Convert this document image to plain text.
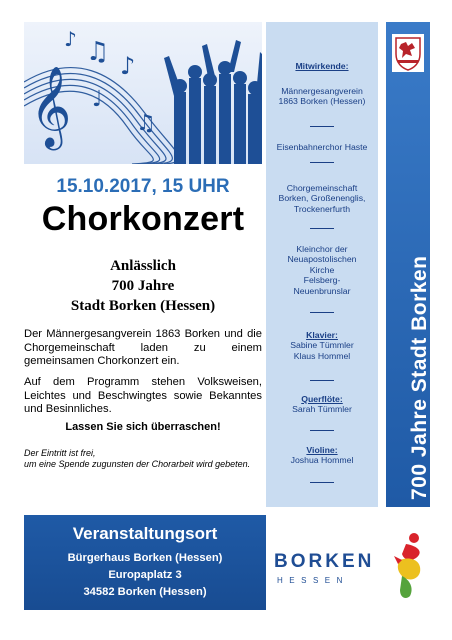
𝄞
♫ ♪
♩
♫
♪
15.10.2017, 15 UHR
Chorkonzert
Anlässlich
700 Jahre
Stadt Borken (Hessen)
Der Männergesangverein 1863 Borken und die Chorgemeinschaft laden zu einem gemeinsamen Chorkonzert ein.
Auf dem Programm stehen Volksweisen, Leichtes und Beschwingtes sowie Bekanntes und Besinnliches.
Lassen Sie sich überraschen!
Der Eintritt ist frei,
um eine Spende zugunsten der Chorarbeit wird gebeten.
Mitwirkende:
Männergesangverein
1863 Borken (Hessen)
Eisenbahnerchor Haste
Chorgemeinschaft
Borken, Großenenglis,
Trockenerfurth
Kleinchor der
Neuapostolischen
Kirche
Felsberg-
Neuenbrunslar
Klavier:
Sabine Tümmler
Klaus Hommel
Querflöte:
Sarah Tümmler
Violine:
Joshua Hommel	700 Jahre Stadt Borken
Veranstaltungsort
Bürgerhaus Borken (Hessen)
Europaplatz 3
34582 Borken (Hessen)
BORKEN
HESSEN
